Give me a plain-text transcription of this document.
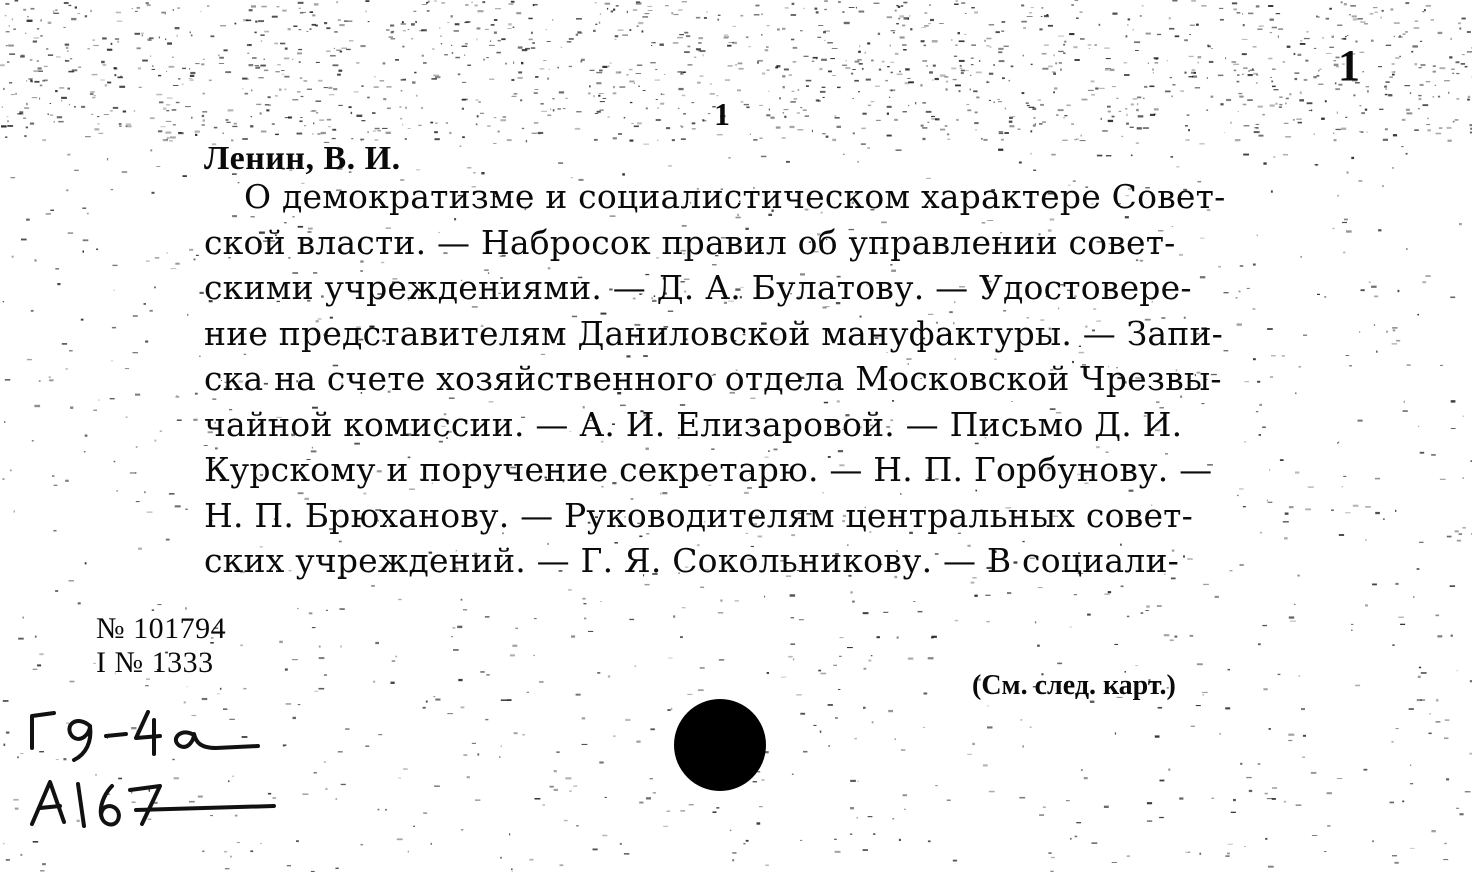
1
1
Ленин, В. И.
О демократизме и социалистическом характере Совет-
ской власти. — Набросок правил об управлении совет-
скими учреждениями. — Д. А. Булатову. — Удостовере-
ние представителям Даниловской мануфактуры. — Запи-
ска на счете хозяйственного отдела Московской Чрезвы-
чайной комиссии. — А. И. Елизаровой. — Письмо Д. И.
Курскому и поручение секретарю. — Н. П. Горбунову. —
Н. П. Брюханову. — Руководителям центральных совет-
ских учреждений. — Г. Я. Сокольникову. — В социали-
№ 101794
I № 1333
(См. след. карт.)
